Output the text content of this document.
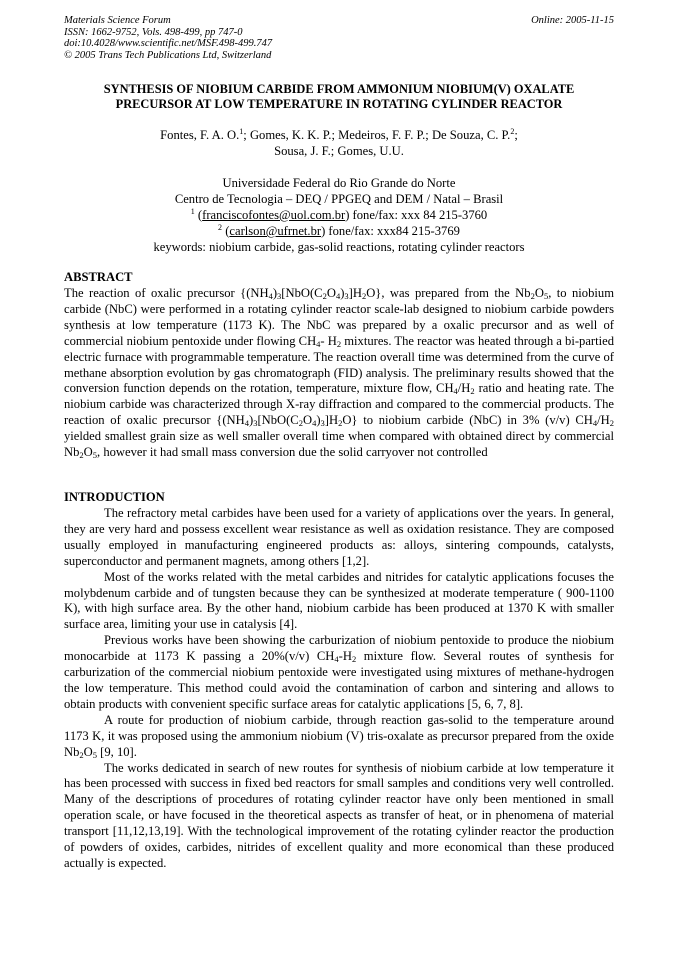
Materials Science Forum
ISSN: 1662-9752, Vols. 498-499, pp 747-0
doi:10.4028/www.scientific.net/MSF.498-499.747
© 2005 Trans Tech Publications Ltd, Switzerland
Online: 2005-11-15
SYNTHESIS OF NIOBIUM CARBIDE FROM AMMONIUM NIOBIUM(V) OXALATE
PRECURSOR AT LOW TEMPERATURE IN ROTATING CYLINDER REACTOR
Fontes, F. A. O.$^1$; Gomes, K. K. P.; Medeiros, F. F. P.; De Souza, C. P.$^2$;
Sousa, J. F.; Gomes, U.U.
Universidade Federal do Rio Grande do Norte
Centro de Tecnologia – DEQ / PPGEQ and DEM / Natal – Brasil
$^1$ (franciscofontes@uol.com.br) fone/fax: xxx 84 215-3760
$^2$ (carlson@ufrnet.br) fone/fax: xxx84 215-3769
keywords: niobium carbide, gas-solid reactions, rotating cylinder reactors
ABSTRACT
The reaction of oxalic precursor $\{(NH_4)_3[NbO(C_2O_4)_3]H_2O\}$, was prepared from the $Nb_2O_5$, to niobium carbide (NbC) were performed in a rotating cylinder reactor scale-lab designed to niobium carbide powders synthesis at low temperature (1173 K). The NbC was prepared by a oxalic precursor and as well of commercial niobium pentoxide under flowing $CH_4-$ $H_2$ mixtures. The reactor was heated through a bi-partied electric furnace with programmable temperature. The reaction overall time was determined from the curve of methane absorption evolution by gas chromatograph (FID) analysis. The preliminary results showed that the conversion function depends on the rotation, temperature, mixture flow, $CH_4/H_2$ ratio and heating rate. The niobium carbide was characterized through X-ray diffraction and compared to the commercial products. The reaction of oxalic precursor $\{(NH_4)_3[NbO(C_2O_4)_3]H_2O\}$ to niobium carbide (NbC) in 3% (v/v) $CH_4/H_2$ yielded smallest grain size as well smaller overall time when compared with obtained direct by commercial $Nb_2O_5$, however it had small mass conversion due the solid carryover not controlled
INTRODUCTION

The refractory metal carbides have been used for a variety of applications over the years. In general, they are very hard and possess excellent wear resistance as well as oxidation resistance. They are composed usually employed in manufacturing engineered products as: alloys, sintering compounds, catalysts, superconductor and permanent magnets, among others [1,2].

Most of the works related with the metal carbides and nitrides for catalytic applications focuses the molybdenum carbide and of tungsten because they can be synthesized at moderate temperature ( 900-1100 K), with high surface area. By the other hand, niobium carbide has been produced at 1370 K with smaller surface area, limiting your use in catalysis [4].

Previous works have been showing the carburization of niobium pentoxide to produce the niobium monocarbide at 1173 K passing a 20%(v/v) $CH_4-H_2$ mixture flow. Several routes of synthesis for carburization of the commercial niobium pentoxide were investigated using mixtures of methane-hydrogen the low temperature. This method could avoid the contamination of carbon and sintering and allows to obtain products with convenient specific surface areas for catalytic applications [5, 6, 7, 8].

A route for production of niobium carbide, through reaction gas-solid to the temperature around 1173 K, it was proposed using the ammonium niobium (V) tris-oxalate as precursor prepared from the oxide $Nb_2O_5$ [9, 10].

The works dedicated in search of new routes for synthesis of niobium carbide at low temperature it has been processed with success in fixed bed reactors for small samples and conditions very well controlled. Many of the descriptions of procedures of rotating cylinder reactor have only been mentioned in small operation scale, or have focused in the theoretical aspects as transfer of heat, or in phenomena of material transport [11,12,13,19]. With the technological improvement of the rotating cylinder reactor the production of powders of oxides, carbides, nitrides of excellent quality and more economical than these produced actually is expected.
